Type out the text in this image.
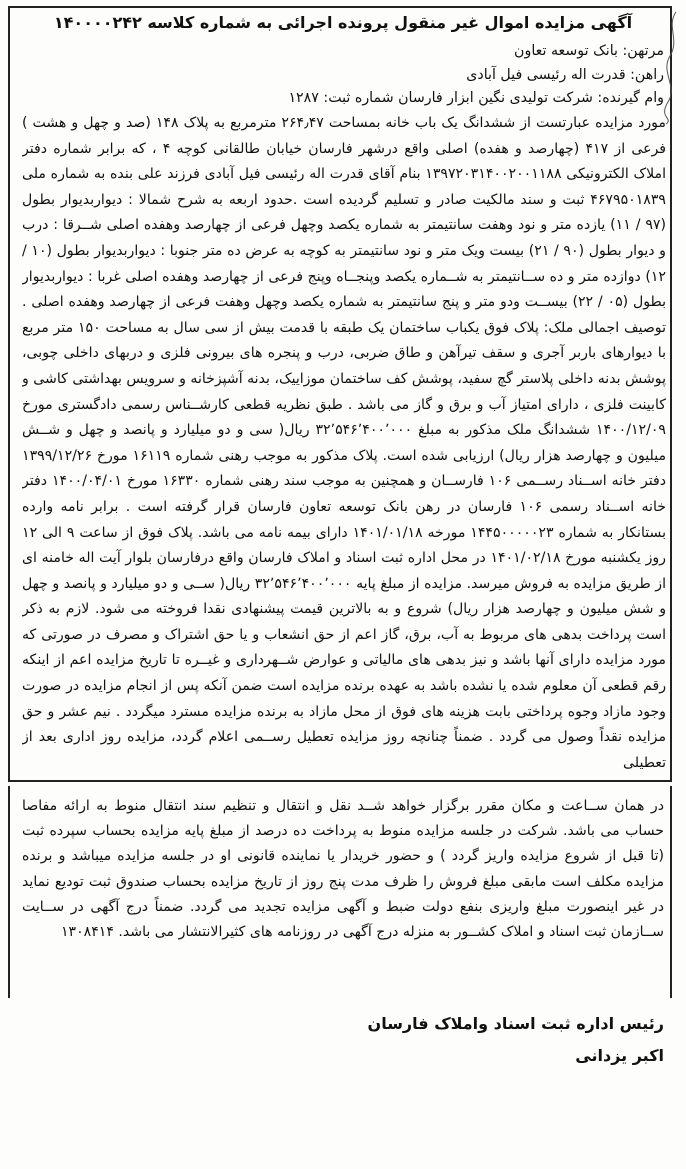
آگهی مزایده اموال غیر منقول پرونده اجرائی به شماره کلاسه ۱۴۰۰۰۰۲۴۲
مرتهن: بانک توسعه تعاون
راهن: قدرت اله رئیسی فیل آبادی
وام گیرنده: شرکت تولیدی نگین ابزار فارسان شماره ثبت: ۱۲۸۷
مورد مزایده عبارتست از ششدانگ یک باب خانه بمساحت ۲۶۴٫۴۷ مترمربع به پلاک ۱۴۸ (صد و چهل و هشت ) فرعی از ۴۱۷ (چهارصد و هفده) اصلی واقع درشهر فارسان خیابان طالقانی کوچه ۴ ، که برابر شماره دفتر املاک الکترونیکی ۱۳۹۷۲۰۳۱۴۰۰۲۰۰۱۱۸۸ بنام آقای قدرت اله رئیسی فیل آبادی فرزند علی بنده به شماره ملی ۴۶۷۹۵۰۱۸۳۹ ثبت و سند مالکیت صادر و تسلیم گردیده است .حدود اربعه به شرح شمالا : دیواربدیوار بطول (۹۷ / ۱۱) یازده متر و نود وهفت سانتیمتر به شماره یکصد وچهل فرعی از چهارصد وهفده اصلی شــرقا : درب و دیوار بطول (۹۰ / ۲۱) بیست ویک متر و نود سانتیمتر به کوچه به عرض ده متر جنوبا : دیواربدیوار بطول (۱۰ / ۱۲) دوازده متر و ده ســانتیمتر به شــماره یکصد وپنجــاه وپنج فرعی از چهارصد وهفده اصلی غربا : دیواربدیوار بطول (۰۵ / ۲۲) بیســت ودو متر و پنج سانتیمتر به شماره یکصد وچهل وهفت فرعی از چهارصد وهفده اصلی . توصیف اجمالی ملک: پلاک فوق یکباب ساختمان یک طبقه با قدمت بیش از سی سال به مساحت ۱۵۰ متر مربع با دیوارهای باربر آجری و سقف تیرآهن و طاق ضربی، درب و پنجره های بیرونی فلزی و دربهای داخلی چوبی، پوشش بدنه داخلی پلاستر گچ سفید، پوشش کف ساختمان موزاییک، بدنه آشپزخانه و سرویس بهداشتی کاشی و کابینت فلزی ، دارای امتیاز آب و برق و گاز می باشد . طبق نظریه قطعی کارشــناس رسمی دادگستری مورخ ۱۴۰۰/۱۲/۰۹ ششدانگ ملک مذکور به مبلغ ۳۲٬۵۴۶٬۴۰۰٬۰۰۰ ریال( سی و دو میلیارد و پانصد و چهل و شــش میلیون و چهارصد هزار ریال) ارزیابی شده است. پلاک مذکور به موجب رهنی شماره ۱۶۱۱۹ مورخ ۱۳۹۹/۱۲/۲۶ دفتر خانه اســناد رســمی ۱۰۶ فارســان و همچنین به موجب سند رهنی شماره ۱۶۳۳۰ مورخ ۱۴۰۰/۰۴/۰۱ دفتر خانه اســناد رسمی ۱۰۶ فارسان در رهن بانک توسعه تعاون فارسان قرار گرفته است . برابر نامه وارده بستانکار به شماره ۱۴۴۵۰۰۰۰۰۲۳ مورخه ۱۴۰۱/۰۱/۱۸ دارای بیمه نامه می باشد. پلاک فوق از ساعت ۹ الی ۱۲ روز یکشنبه مورخ ۱۴۰۱/۰۲/۱۸ در محل اداره ثبت اسناد و املاک فارسان واقع درفارسان بلوار آیت اله خامنه ای از طریق مزایده به فروش میرسد. مزایده از مبلغ پایه ۳۲٬۵۴۶٬۴۰۰٬۰۰۰ ریال( ســی و دو میلیارد و پانصد و چهل و شش میلیون و چهارصد هزار ریال) شروع و به بالاترین قیمت پیشنهادی نقدا فروخته می شود. لازم به ذکر است پرداخت بدهی های مربوط به آب، برق، گاز اعم از حق انشعاب و یا حق اشتراک و مصرف در صورتی که مورد مزایده دارای آنها باشد و نیز بدهی های مالیاتی و عوارض شــهرداری و غیــره تا تاریخ مزایده اعم از اینکه رقم قطعی آن معلوم شده یا نشده باشد به عهده برنده مزایده است ضمن آنکه پس از انجام مزایده در صورت وجود مازاد وجوه پرداختی بابت هزینه های فوق از محل مازاد به برنده مزایده مسترد میگردد . نیم عشر و حق مزایده نقداً وصول می گردد . ضمناً چنانچه روز مزایده تعطیل رســمی اعلام گردد، مزایده روز اداری بعد از تعطیلی
در همان ســاعت و مکان مقرر برگزار خواهد شــد نقل و انتقال و تنظیم سند انتقال منوط به ارائه مفاصا حساب می باشد. شرکت در جلسه مزایده منوط به پرداخت ده درصد از مبلغ پایه مزایده بحساب سپرده ثبت (تا قبل از شروع مزایده واریز گردد ) و حضور خریدار یا نماینده قانونی او در جلسه مزایده میباشد و برنده مزایده مکلف است مابقی مبلغ فروش را ظرف مدت پنج روز از تاریخ مزایده بحساب صندوق ثبت توديع نماید در غیر اینصورت مبلغ واریزی بنفع دولت ضبط و آگهی مزایده تجدید می گردد. ضمناً درج آگهی در ســایت ســازمان ثبت اسناد و املاک کشــور به منزله درج آگهی در روزنامه های کثیرالانتشار می باشد. ۱۳۰۸۴۱۴
رئیس اداره ثبت اسناد واملاک فارسان
اکبر یزدانی
